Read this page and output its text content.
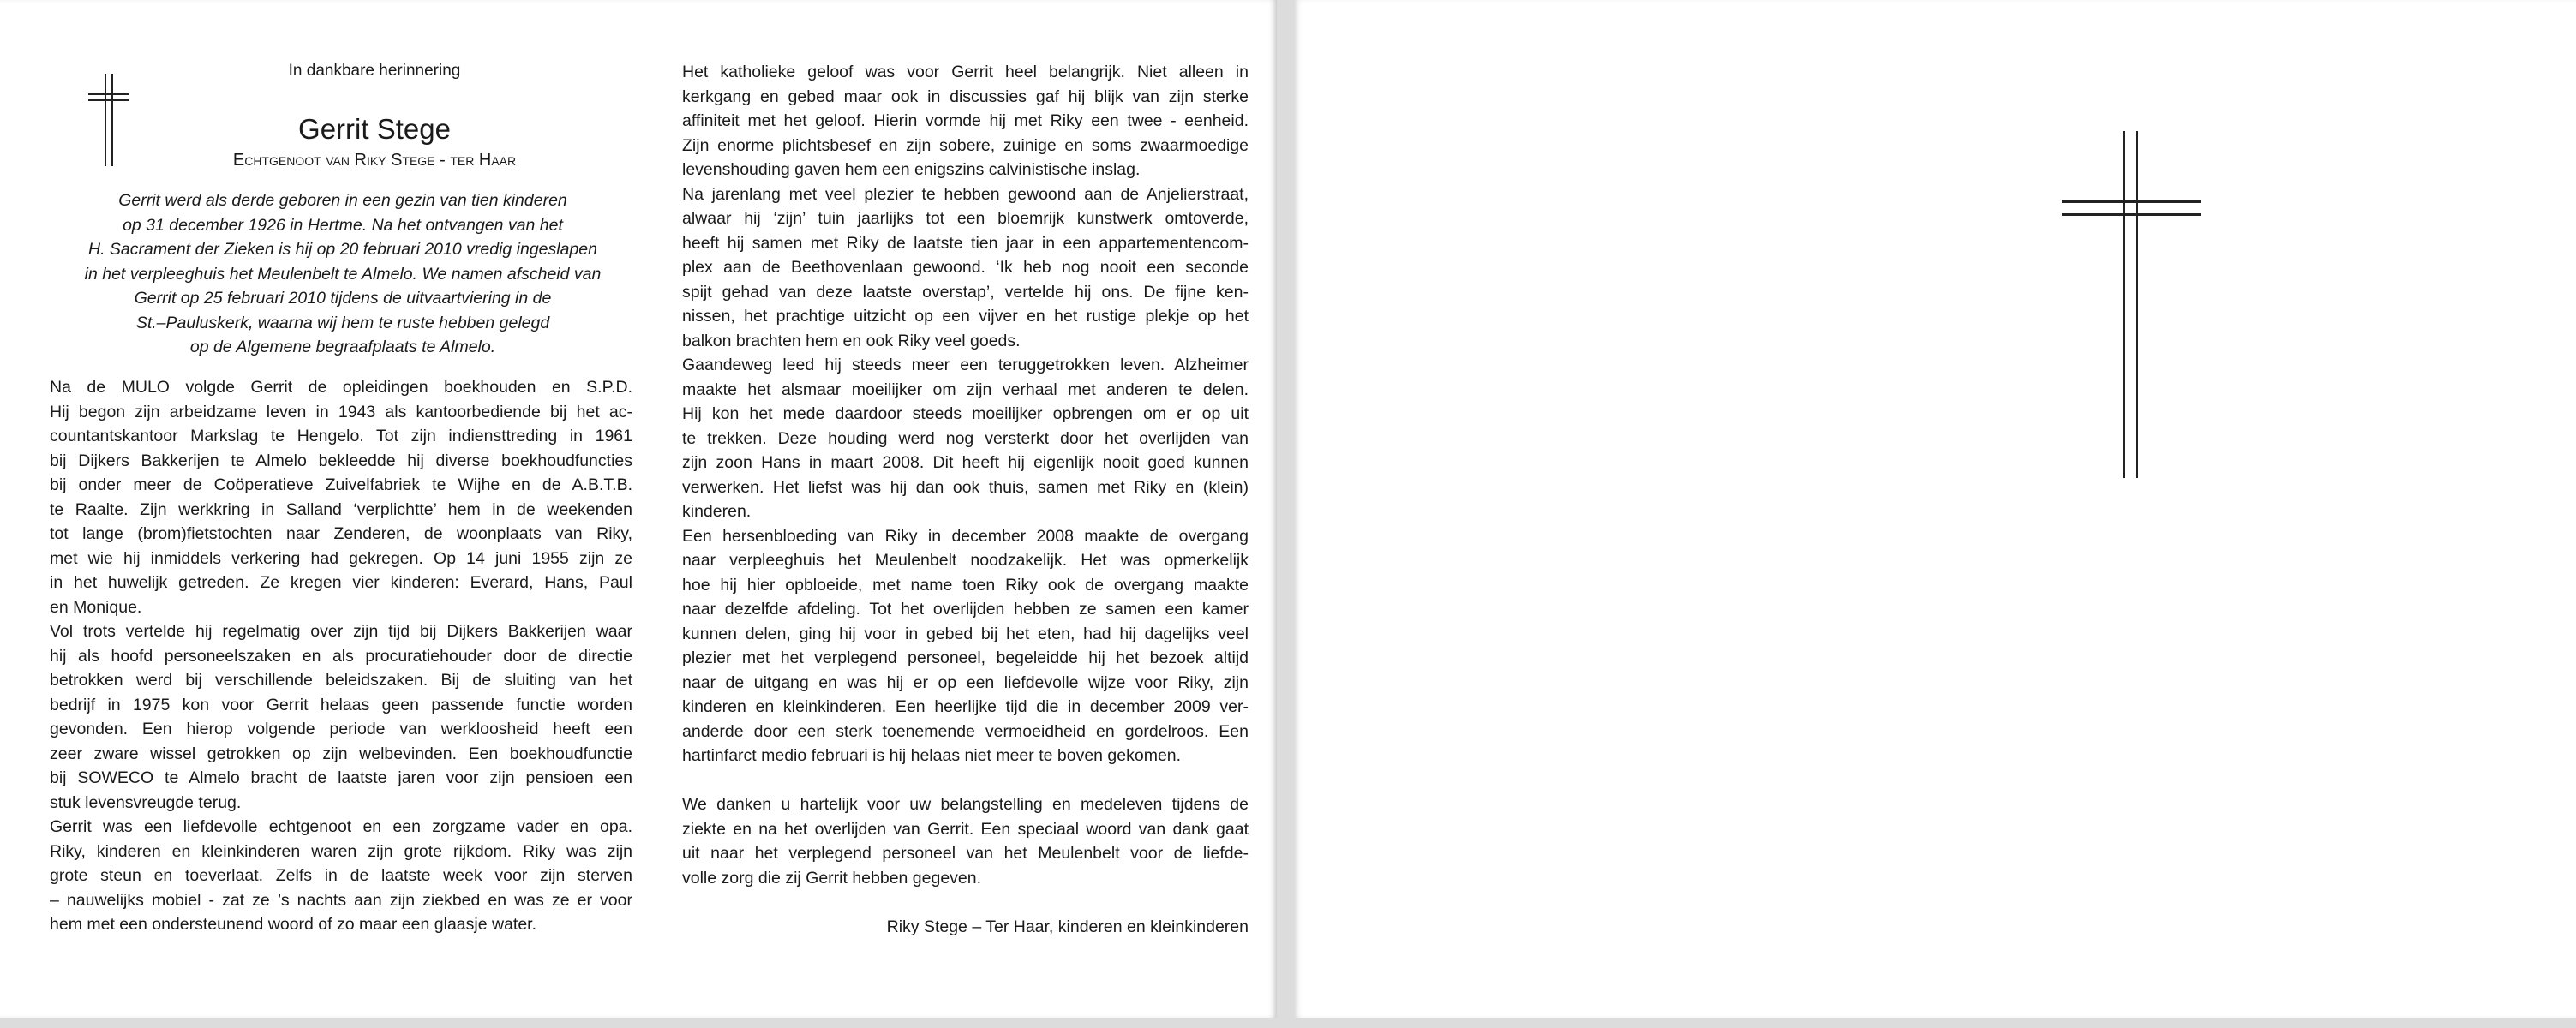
In dankbare herinnering
Gerrit Stege
Echtgenoot van Riky Stege - ter Haar
Gerrit werd als derde geboren in een gezin van tien kinderen
op 31 december 1926 in Hertme. Na het ontvangen van het
H. Sacrament der Zieken is hij op 20 februari 2010 vredig ingeslapen
in het verpleeghuis het Meulenbelt te Almelo. We namen afscheid van
Gerrit op 25 februari 2010 tijdens de uitvaartviering in de
St.–Pauluskerk, waarna wij hem te ruste hebben gelegd
op de Algemene begraafplaats te Almelo.
Na de MULO volgde Gerrit de opleidingen boekhouden en S.P.D.
Hij begon zijn arbeidzame leven in 1943 als kantoorbediende bij het ac-
countantskantoor Markslag te Hengelo. Tot zijn indiensttreding in 1961
bij Dijkers Bakkerijen te Almelo bekleedde hij diverse boekhoudfuncties
bij onder meer de Coöperatieve Zuivelfabriek te Wijhe en de A.B.T.B.
te Raalte. Zijn werkkring in Salland ‘verplichtte’ hem in de weekenden
tot lange (brom)fietstochten naar Zenderen, de woonplaats van Riky,
met wie hij inmiddels verkering had gekregen. Op 14 juni 1955 zijn ze
in het huwelijk getreden. Ze kregen vier kinderen: Everard, Hans, Paul
en Monique.
Vol trots vertelde hij regelmatig over zijn tijd bij Dijkers Bakkerijen waar
hij als hoofd personeelszaken en als procuratiehouder door de directie
betrokken werd bij verschillende beleidszaken. Bij de sluiting van het
bedrijf in 1975 kon voor Gerrit helaas geen passende functie worden
gevonden. Een hierop volgende periode van werkloosheid heeft een
zeer zware wissel getrokken op zijn welbevinden. Een boekhoudfunctie
bij SOWECO te Almelo bracht de laatste jaren voor zijn pensioen een
stuk levensvreugde terug.
Gerrit was een liefdevolle echtgenoot en een zorgzame vader en opa.
Riky, kinderen en kleinkinderen waren zijn grote rijkdom. Riky was zijn
grote steun en toeverlaat. Zelfs in de laatste week voor zijn sterven
– nauwelijks mobiel - zat ze ’s nachts aan zijn ziekbed en was ze er voor
hem met een ondersteunend woord of zo maar een glaasje water.
Het katholieke geloof was voor Gerrit heel belangrijk. Niet alleen in
kerkgang en gebed maar ook in discussies gaf hij blijk van zijn sterke
affiniteit met het geloof. Hierin vormde hij met Riky een twee - eenheid.
Zijn enorme plichtsbesef en zijn sobere, zuinige en soms zwaarmoedige
levenshouding gaven hem een enigszins calvinistische inslag.
Na jarenlang met veel plezier te hebben gewoond aan de Anjelierstraat,
alwaar hij ‘zijn’ tuin jaarlijks tot een bloemrijk kunstwerk omtoverde,
heeft hij samen met Riky de laatste tien jaar in een appartementencom-
plex aan de Beethovenlaan gewoond. ‘Ik heb nog nooit een seconde
spijt gehad van deze laatste overstap’, vertelde hij ons. De fijne ken-
nissen, het prachtige uitzicht op een vijver en het rustige plekje op het
balkon brachten hem en ook Riky veel goeds.
Gaandeweg leed hij steeds meer een teruggetrokken leven. Alzheimer
maakte het alsmaar moeilijker om zijn verhaal met anderen te delen.
Hij kon het mede daardoor steeds moeilijker opbrengen om er op uit
te trekken. Deze houding werd nog versterkt door het overlijden van
zijn zoon Hans in maart 2008. Dit heeft hij eigenlijk nooit goed kunnen
verwerken. Het liefst was hij dan ook thuis, samen met Riky en (klein)
kinderen.
Een hersenbloeding van Riky in december 2008 maakte de overgang
naar verpleeghuis het Meulenbelt noodzakelijk. Het was opmerkelijk
hoe hij hier opbloeide, met name toen Riky ook de overgang maakte
naar dezelfde afdeling. Tot het overlijden hebben ze samen een kamer
kunnen delen, ging hij voor in gebed bij het eten, had hij dagelijks veel
plezier met het verplegend personeel, begeleidde hij het bezoek altijd
naar de uitgang en was hij er op een liefdevolle wijze voor Riky, zijn
kinderen en kleinkinderen. Een heerlijke tijd die in december 2009 ver-
anderde door een sterk toenemende vermoeidheid en gordelroos. Een
hartinfarct medio februari is hij helaas niet meer te boven gekomen.
We danken u hartelijk voor uw belangstelling en medeleven tijdens de
ziekte en na het overlijden van Gerrit. Een speciaal woord van dank gaat
uit naar het verplegend personeel van het Meulenbelt voor de liefde-
volle zorg die zij Gerrit hebben gegeven.
Riky Stege – Ter Haar, kinderen en kleinkinderen
